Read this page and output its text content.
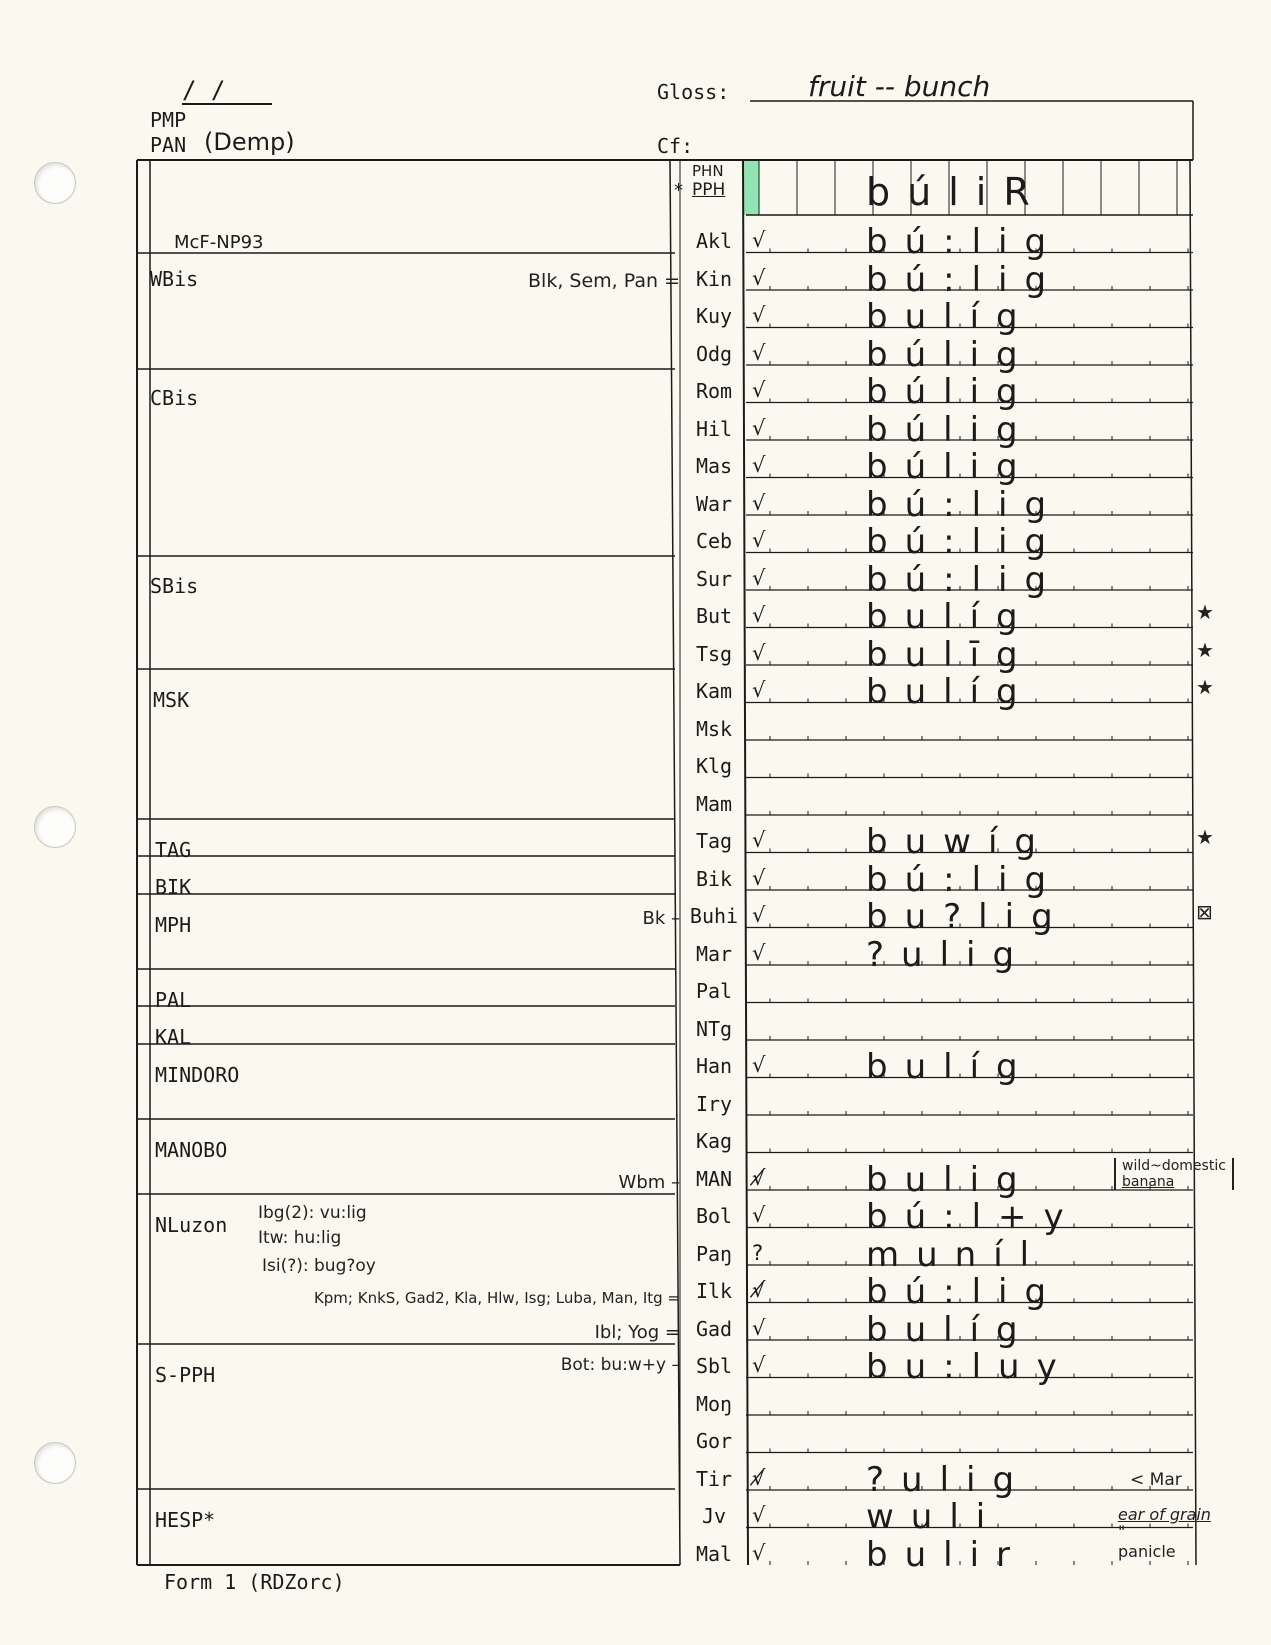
/ /
PMP
PAN (Demp)
Gloss:	fruit -- bunch
Cf:
PHN
* PPH	búliR
McF-NP93
WBis
CBis
SBis
MSK
TAG
BIK
MPH
PAL
KAL
MINDORO
MANOBO
NLuzon
S-PPH
HESP*
Akl √	bú:lig
Kin √	bú:lig
Kuy √	bulíg
Odg √	búlig
Rom √	búlig
Hil √	búlig
Mas √	búlig
War √	bú:lig
Ceb √	bú:lig
Sur √	bú:lig
But √	bulíg	★
Tsg √	bulīg	★
Kam √	bulíg	★
Msk
Klg
Mam
Tag √	buwíg	★
Bik √	bú:lig
Buhi √	bu?lig	⊠
Mar √	?ulig
Pal
NTg
Han √	bulíg
Iry
Kag
MAN √̸	bulig
Bol √	bú:l+y
Paŋ ?	muníl
Ilk √̸	bú:lig
Gad √	bulíg
Sbl √	bu:luy
Moŋ
Gor
Tir √̸	?ulig
Jv	√	wuli
Mal √	bulir
Blk, Sem, Pan =
Bk –
Wbm –
Ibg(2): vu:lig
Itw: hu:lig
Isi(?): bug?oy
Kpm; KnkS, Gad2, Kla, Hlw, Isg; Luba, Man, Itg =
Ibl; Yog =
Bot: bu:w+y –
wild~domestic
banana
< Mar
ear of grain
"
panicle
Form 1 (RDZorc)
